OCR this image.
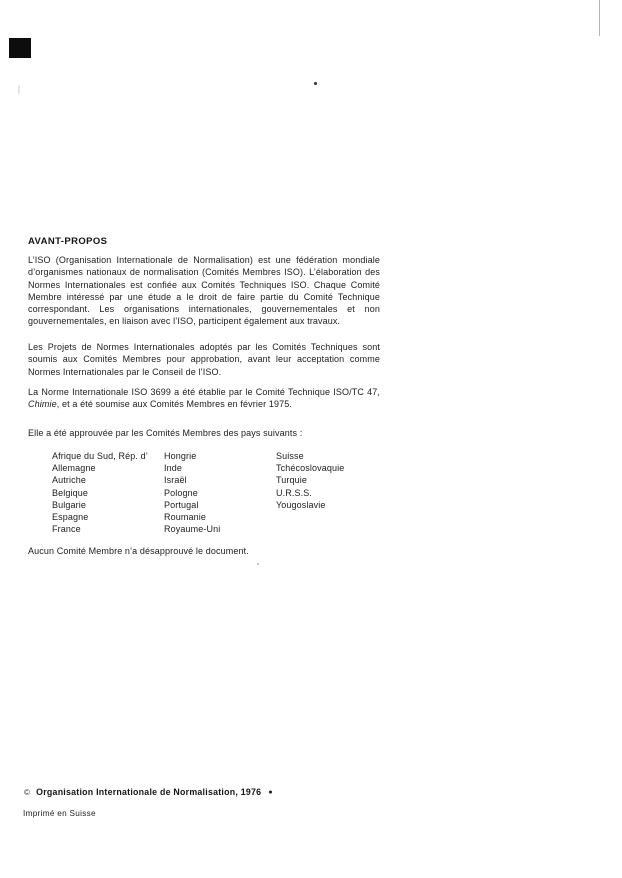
AVANT-PROPOS
L’ISO (Organisation Internationale de Normalisation) est une fédération mondiale d’organismes nationaux de normalisation (Comités Membres ISO). L’élaboration des Normes Internationales est confiée aux Comités Techniques ISO. Chaque Comité Membre intéressé par une étude a le droit de faire partie du Comité Technique correspondant. Les organisations internationales, gouvernementales et non gouvernementales, en liaison avec l’ISO, participent également aux travaux.
Les Projets de Normes Internationales adoptés par les Comités Techniques sont soumis aux Comités Membres pour approbation, avant leur acceptation comme Normes Internationales par le Conseil de l’ISO.
La Norme Internationale ISO 3699 a été établie par le Comité Technique ISO/TC 47, Chimie, et a été soumise aux Comités Membres en février 1975.
Elle a été approuvée par les Comités Membres des pays suivants :
Afrique du Sud, Rép. d’
Allemagne
Autriche
Belgique
Bulgarie
Espagne
France
Hongrie
Inde
Israël
Pologne
Portugal
Roumanie
Royaume-Uni
Suisse
Tchécoslovaquie
Turquie
U.R.S.S.
Yougoslavie
Aucun Comité Membre n’a désapprouvé le document.
© Organisation Internationale de Normalisation, 1976 ●
Imprimé en Suisse
